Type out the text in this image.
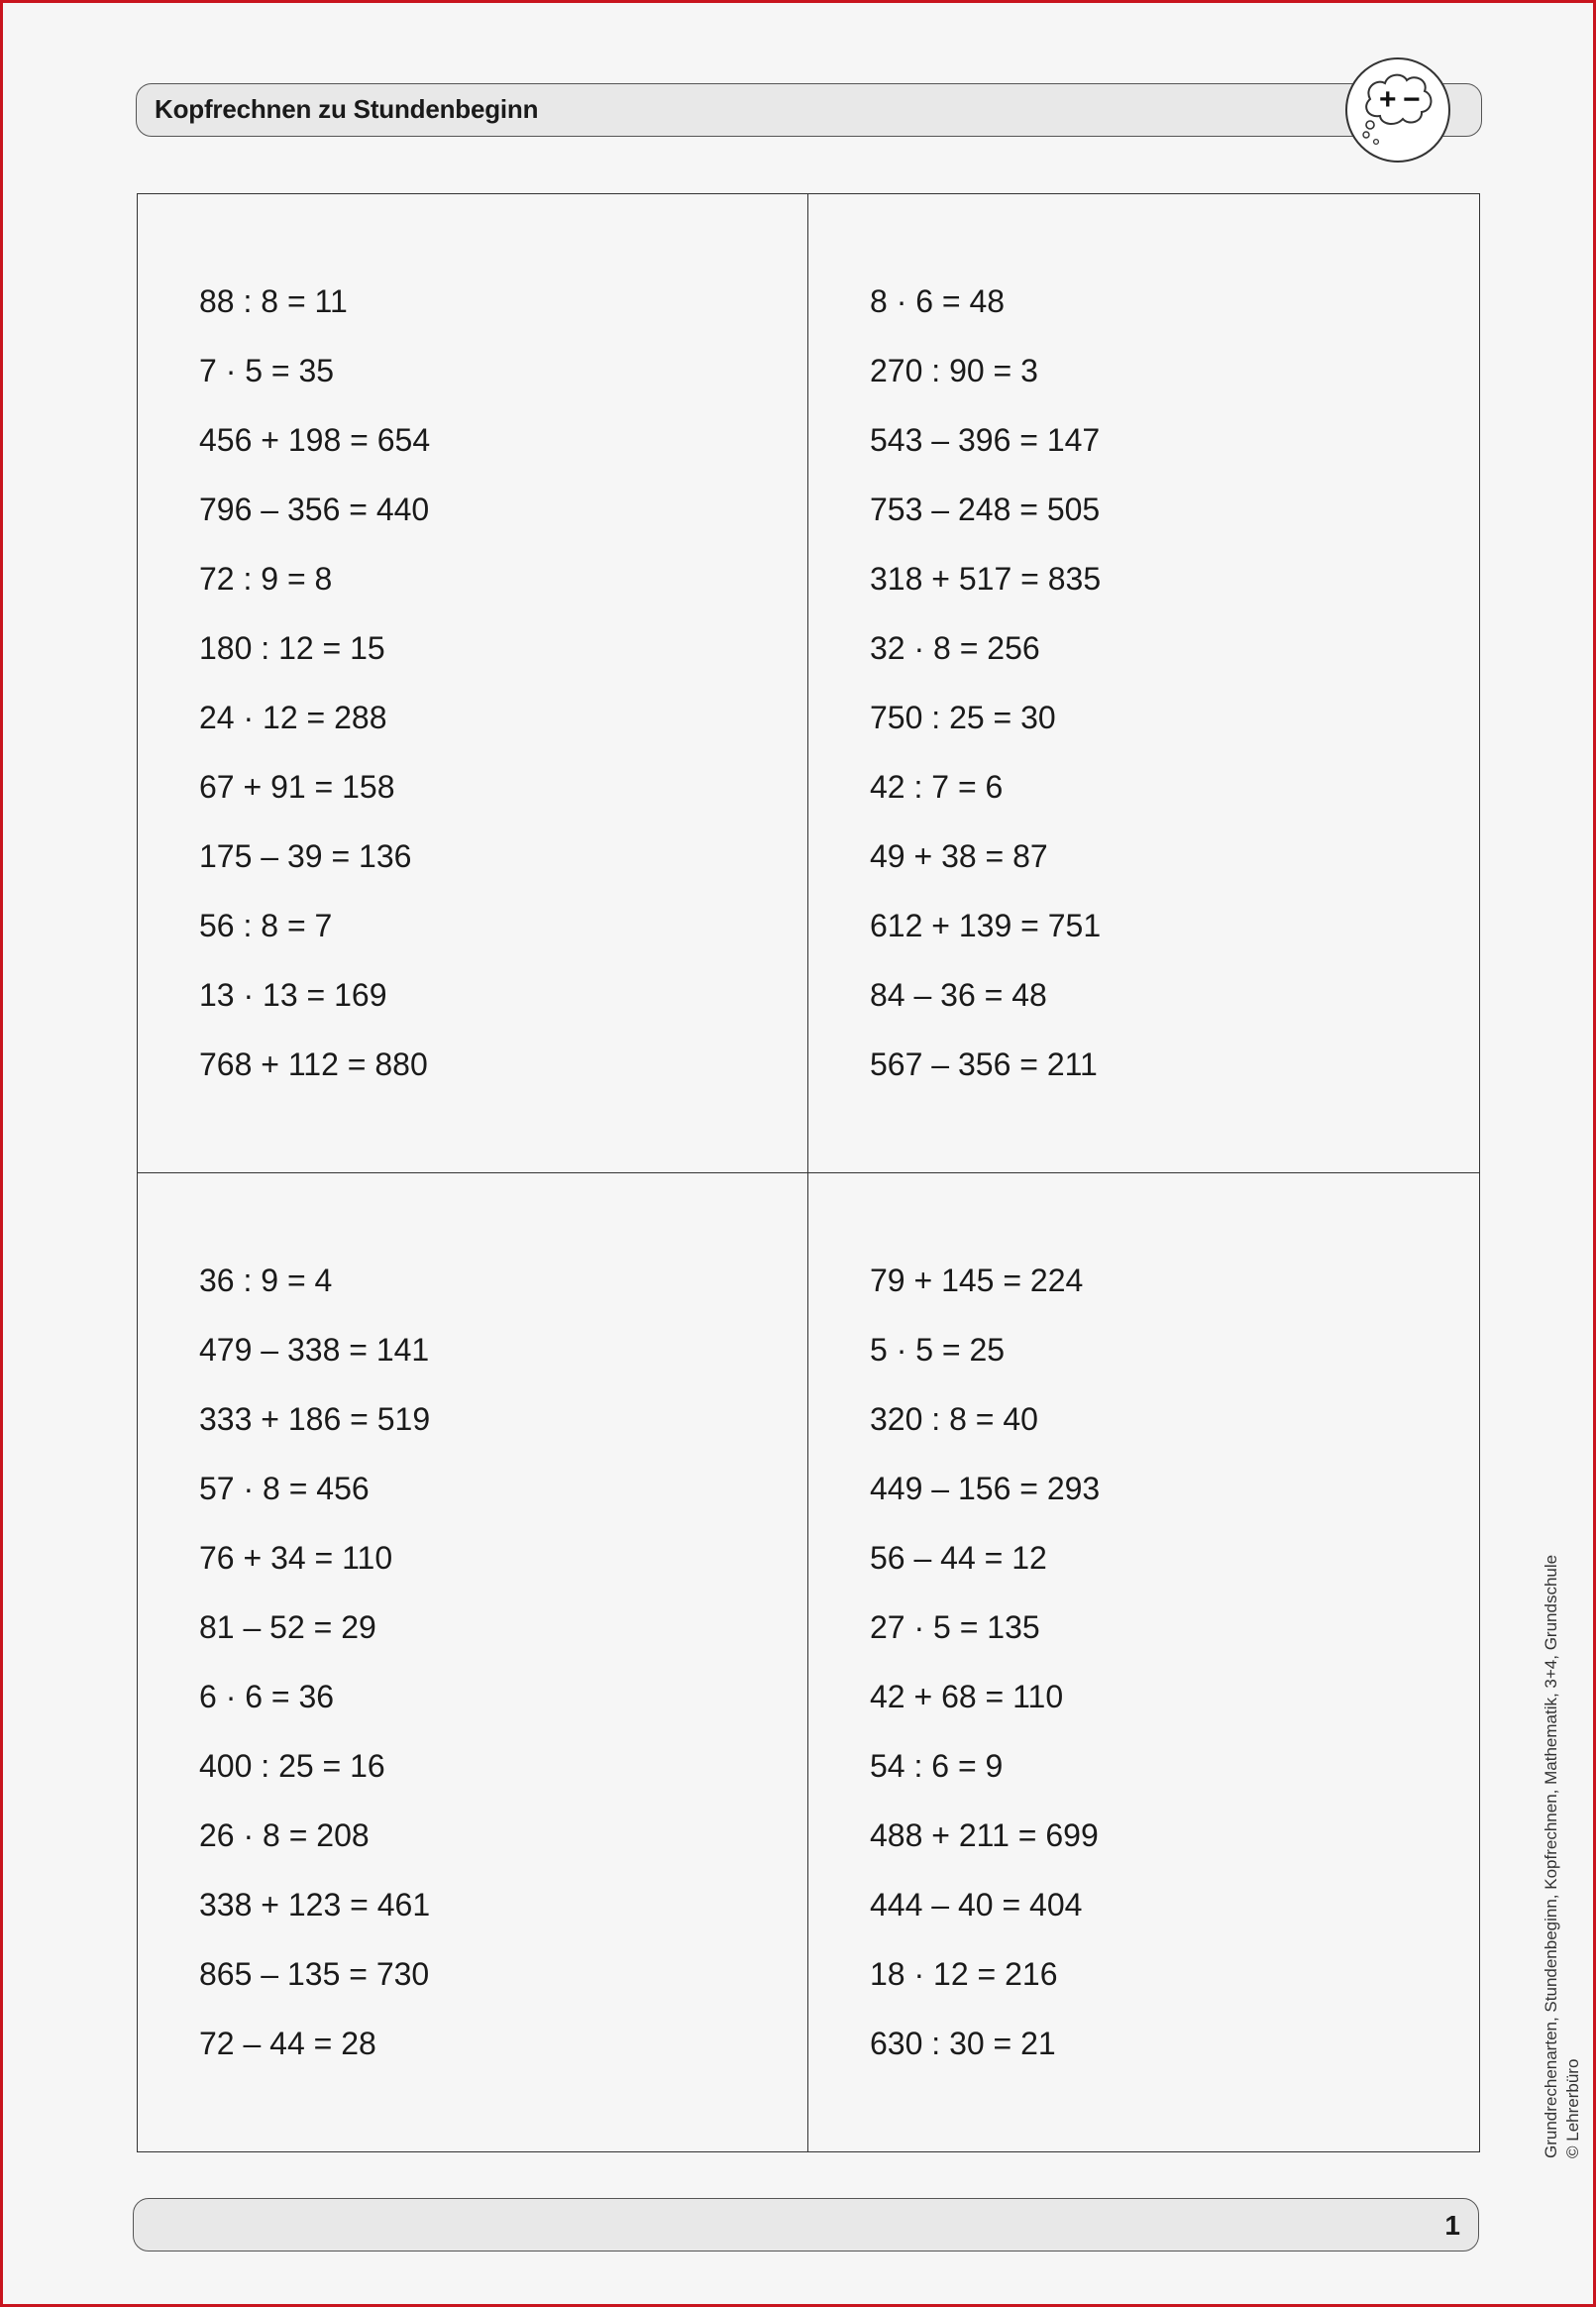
Kopfrechnen zu Stundenbeginn	+ −
88 : 8 = 11
7 · 5 = 35
456 + 198 = 654
796 – 356 = 440
72 : 9 = 8
180 : 12 = 15
24 · 12 = 288
67 + 91 = 158
175 – 39 = 136
56 : 8 = 7
13 · 13 = 169
768 + 112 = 880
8 · 6 = 48
270 : 90 = 3
543 – 396 = 147
753 – 248 = 505
318 + 517 = 835
32 · 8 = 256
750 : 25 = 30
42 : 7 = 6
49 + 38 = 87
612 + 139 = 751
84 – 36 = 48
567 – 356 = 211
36 : 9 = 4
479 – 338 = 141
333 + 186 = 519
57 · 8 = 456
76 + 34 = 110
81 – 52 = 29
6 · 6 = 36
400 : 25 = 16
26 · 8 = 208
338 + 123 = 461
865 – 135 = 730
72 – 44 = 28
79 + 145 = 224
5 · 5 = 25
320 : 8 = 40
449 – 156 = 293
56 – 44 = 12
27 · 5 = 135
42 + 68 = 110
54 : 6 = 9
488 + 211 = 699
444 – 40 = 404
18 · 12 = 216
630 : 30 = 21
1
Grundrechenarten, Stundenbeginn, Kopfrechnen, Mathematik, 3+4, Grundschule © Lehrerbüro
